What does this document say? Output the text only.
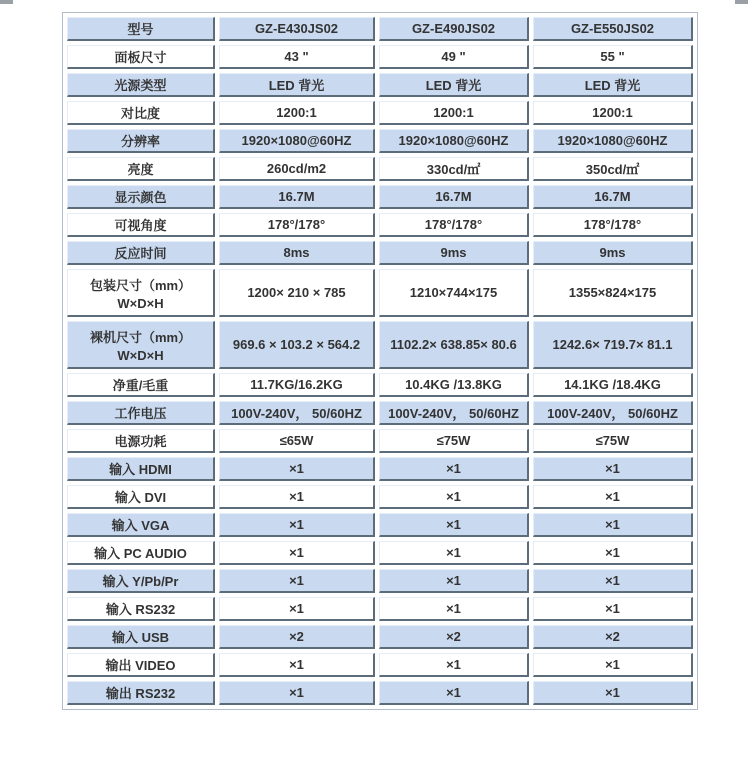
型号	GZ-E430JS02	GZ-E490JS02	GZ-E550JS02

面板尺寸	43 "	49 "	55 "

光源类型	LED 背光	LED 背光	LED 背光

对比度	1200:1	1200:1	1200:1

分辨率	1920×1080@60HZ	1920×1080@60HZ	1920×1080@60HZ

亮度	260cd/m2	330cd/㎡	350cd/㎡

显示颜色	16.7M	16.7M	16.7M

可视角度	178°/178°	178°/178°	178°/178°

反应时间	8ms	9ms	9ms

包装尺寸（mm）
W×D×H	1200× 210 × 785	1210×744×175	1355×824×175

裸机尺寸（mm）
W×D×H	969.6 × 103.2 × 564.2	1102.2× 638.85× 80.6	1242.6× 719.7× 81.1

净重/毛重	11.7KG/16.2KG	10.4KG /13.8KG	14.1KG /18.4KG

工作电压	100V-240V， 50/60HZ	100V-240V， 50/60HZ	100V-240V， 50/60HZ

电源功耗	≤65W	≤75W	≤75W

输入 HDMI	×1	×1	×1

输入 DVI	×1	×1	×1

输入 VGA	×1	×1	×1

输入 PC AUDIO	×1	×1	×1

输入 Y/Pb/Pr	×1	×1	×1

输入 RS232	×1	×1	×1

输入 USB	×2	×2	×2

输出 VIDEO	×1	×1	×1

输出 RS232	×1	×1	×1
